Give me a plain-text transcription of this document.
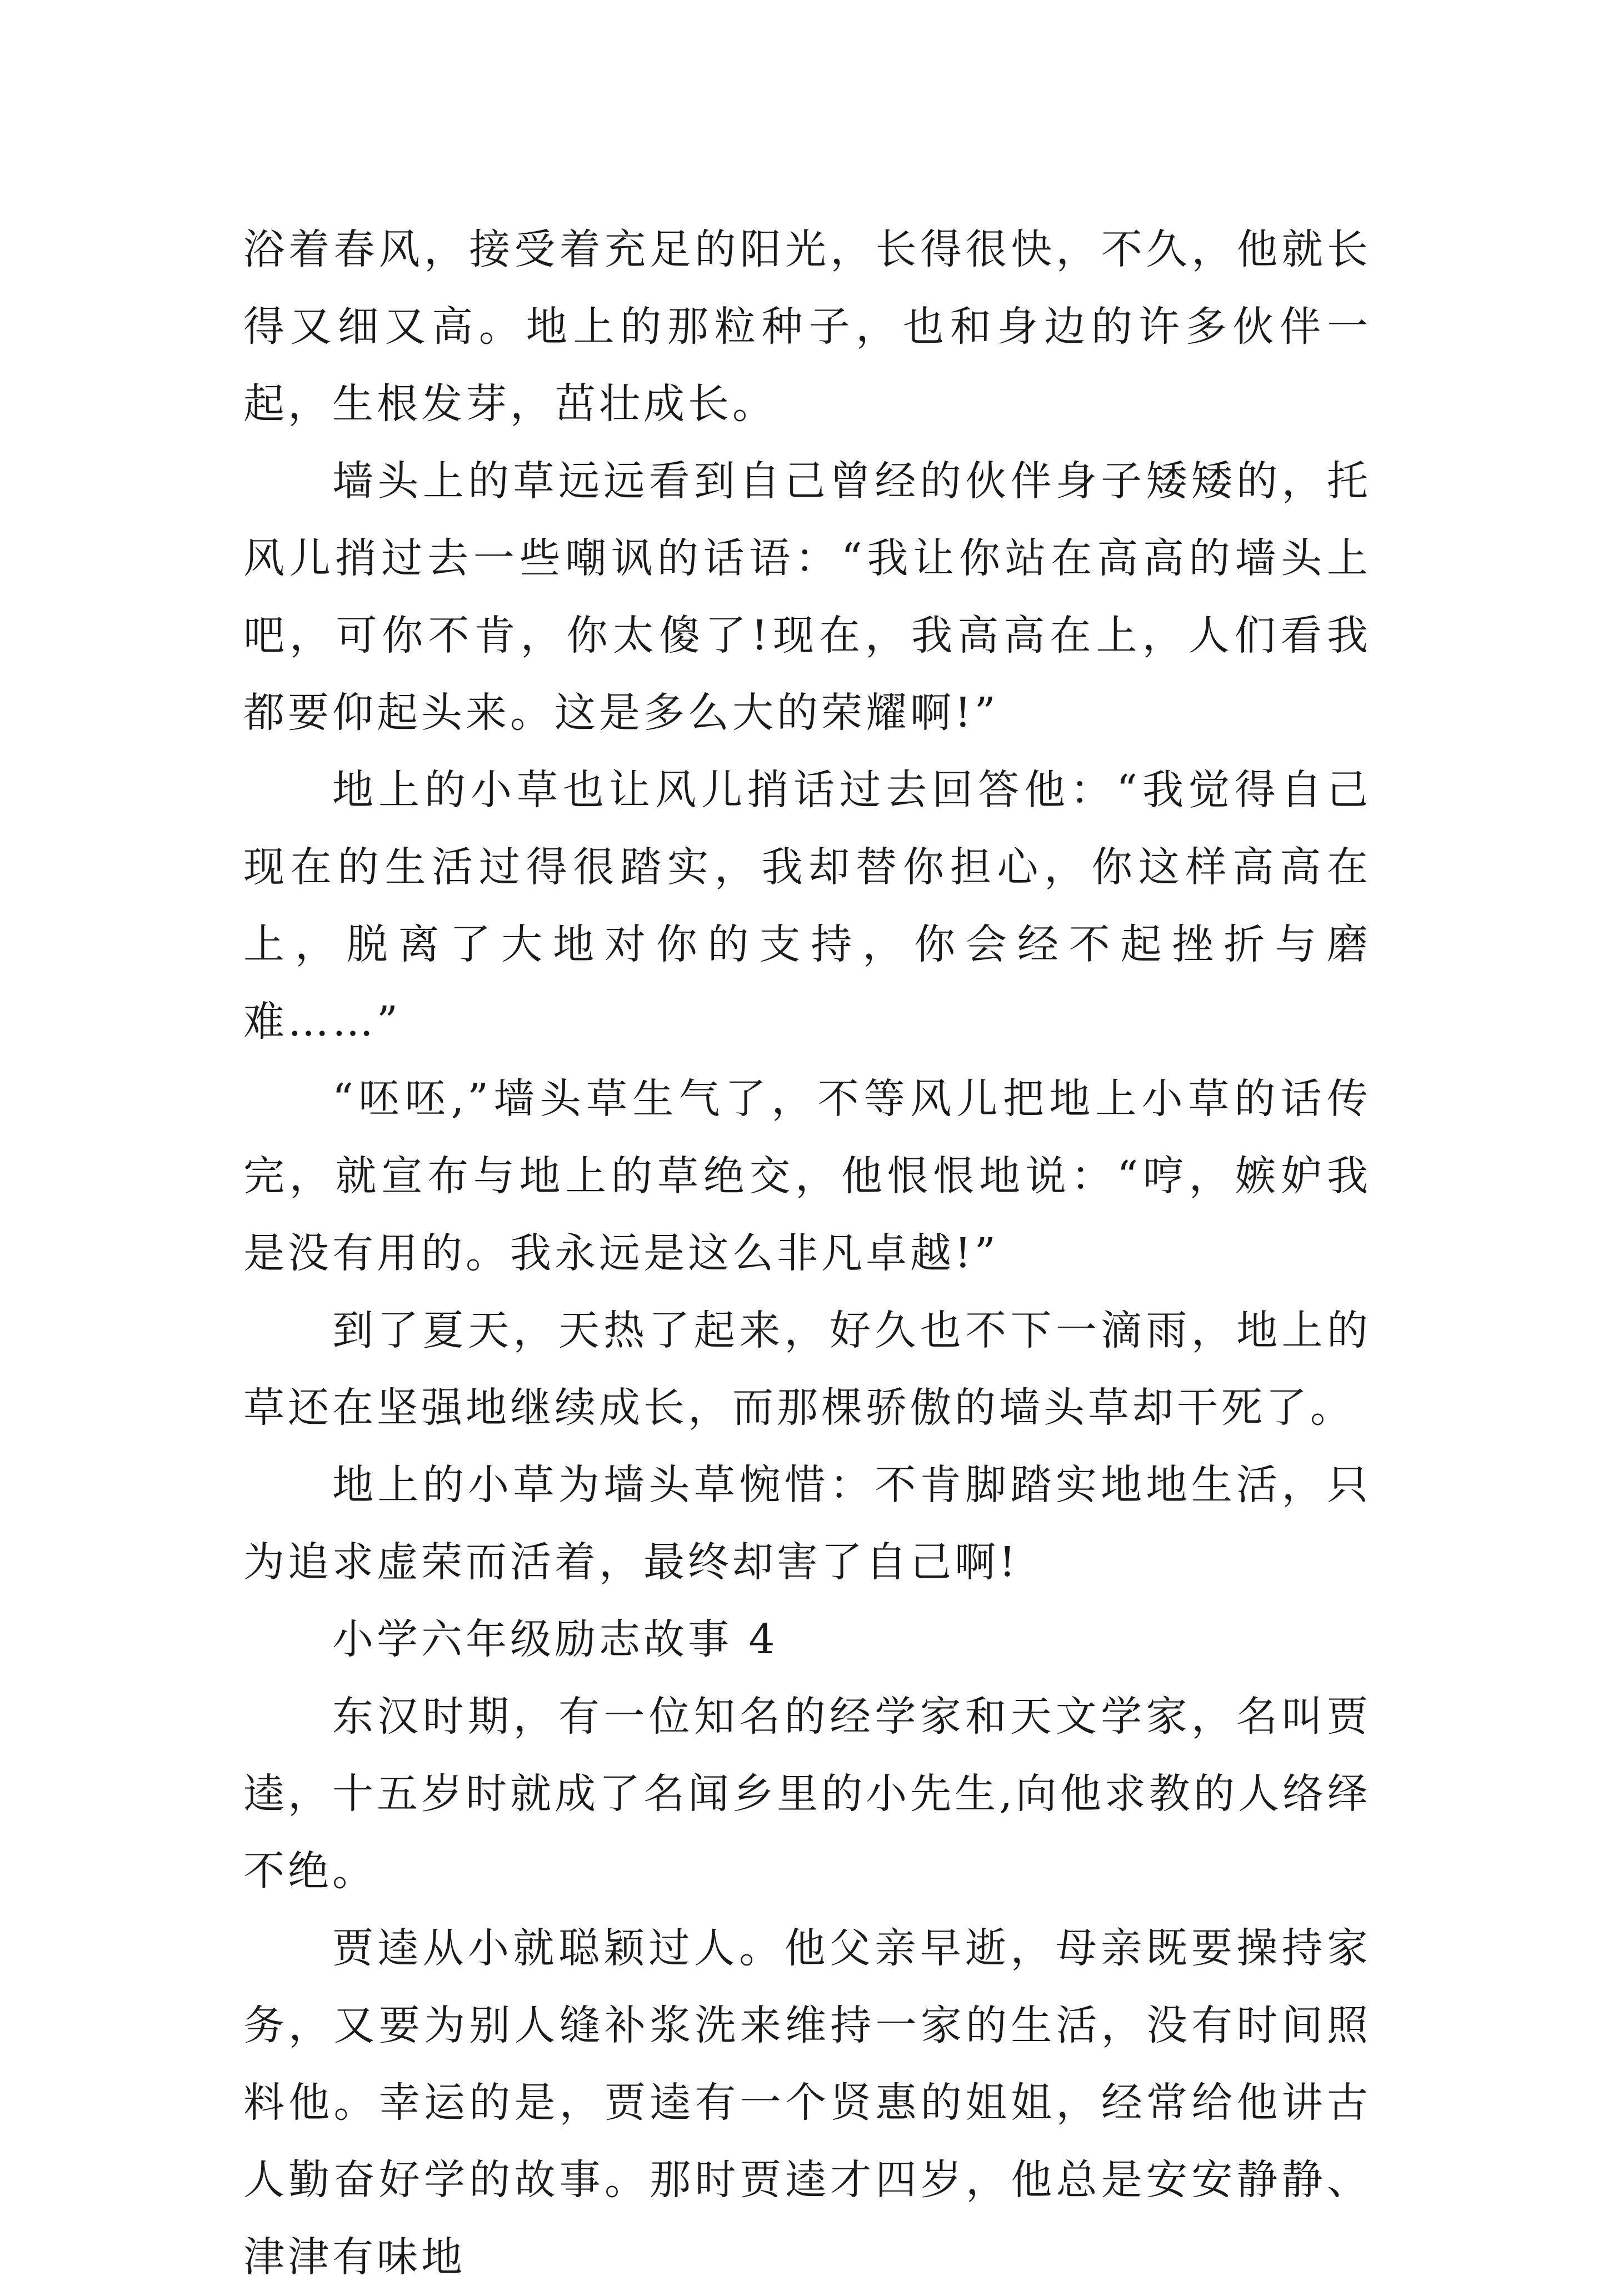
浴着春风，接受着充足的阳光，长得很快，不久，他就长得又细又高。地上的那粒种子，也和身边的许多伙伴一起，生根发芽，茁壮成长。

墙头上的草远远看到自己曾经的伙伴身子矮矮的，托风儿捎过去一些嘲讽的话语：“我让你站在高高的墙头上吧，可你不肯，你太傻了!现在，我高高在上，人们看我都要仰起头来。这是多么大的荣耀啊!”

地上的小草也让风儿捎话过去回答他：“我觉得自己现在的生活过得很踏实，我却替你担心，你这样高高在上，脱离了大地对你的支持，你会经不起挫折与磨难……”

“呸呸,”墙头草生气了，不等风儿把地上小草的话传完，就宣布与地上的草绝交，他恨恨地说：“哼，嫉妒我是没有用的。我永远是这么非凡卓越!”

到了夏天，天热了起来，好久也不下一滴雨，地上的草还在坚强地继续成长，而那棵骄傲的墙头草却干死了。

地上的小草为墙头草惋惜：不肯脚踏实地地生活，只为追求虚荣而活着，最终却害了自己啊!

小学六年级励志故事 4

东汉时期，有一位知名的经学家和天文学家，名叫贾逵，十五岁时就成了名闻乡里的小先生,向他求教的人络绎不绝。

贾逵从小就聪颖过人。他父亲早逝，母亲既要操持家务，又要为别人缝补浆洗来维持一家的生活，没有时间照料他。幸运的是，贾逵有一个贤惠的姐姐，经常给他讲古人勤奋好学的故事。那时贾逵才四岁，他总是安安静静、津津有味地
